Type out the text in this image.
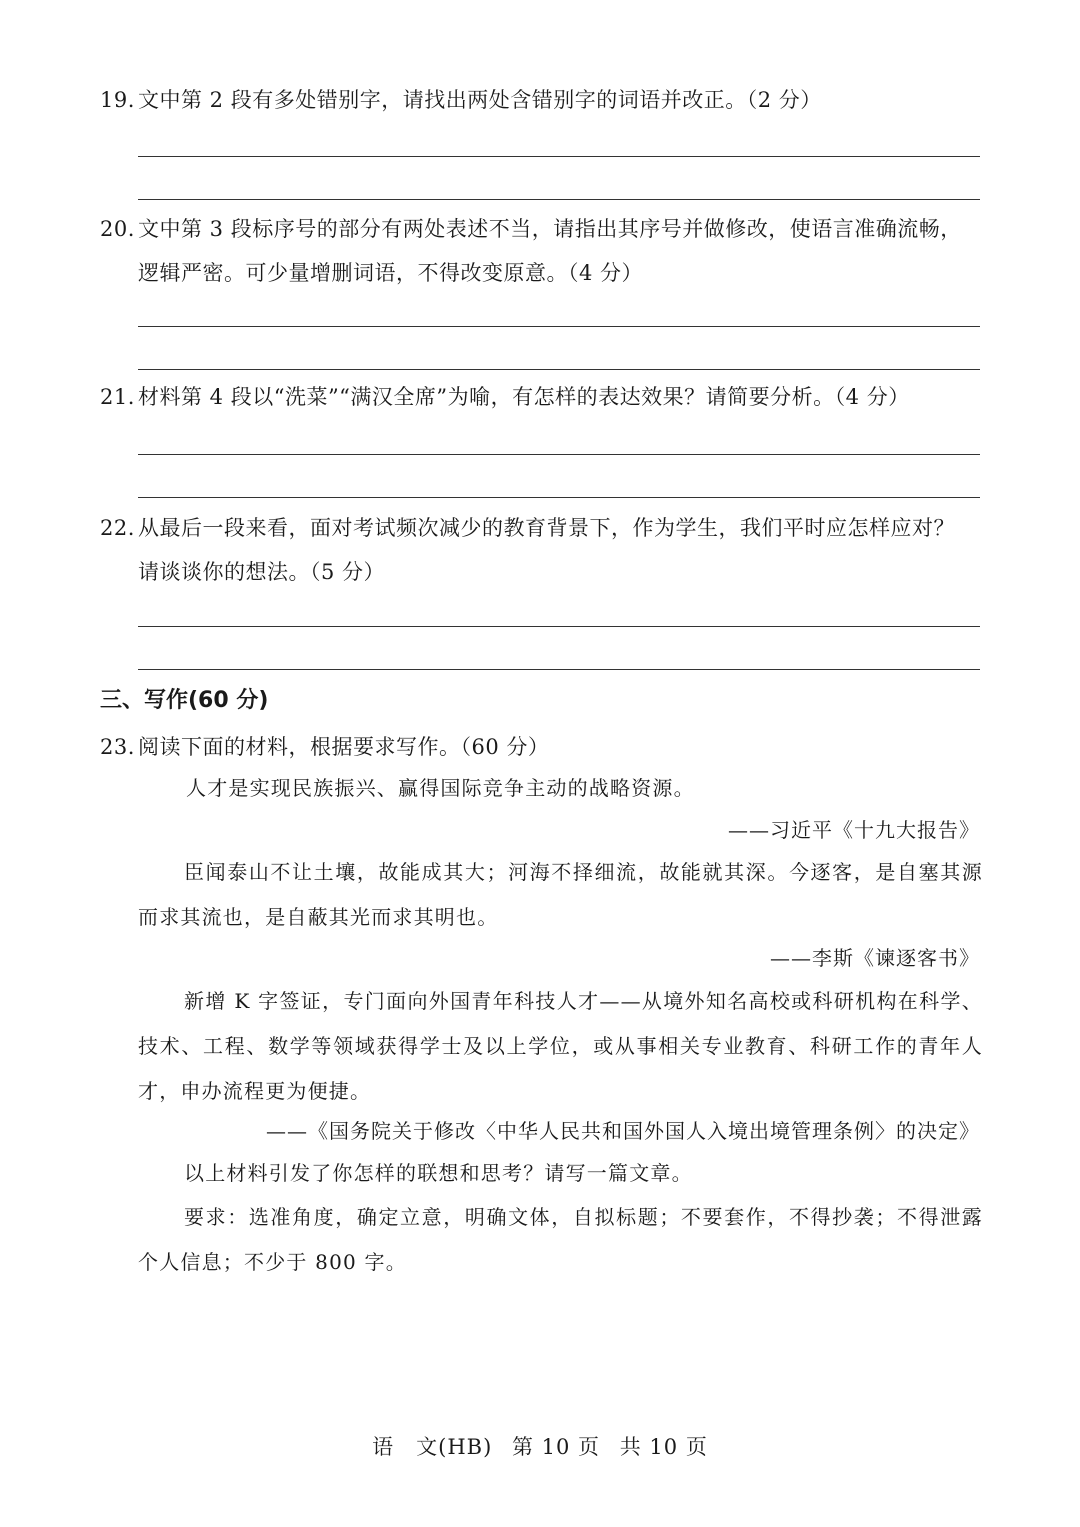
19. 文中第 2 段有多处错别字，请找出两处含错别字的词语并改正。（2 分）
20. 文中第 3 段标序号的部分有两处表述不当，请指出其序号并做修改，使语言准确流畅，
逻辑严密。可少量增删词语，不得改变原意。（4 分）
21. 材料第 4 段以“洗菜”“满汉全席”为喻，有怎样的表达效果？请简要分析。（4 分）
22. 从最后一段来看，面对考试频次减少的教育背景下，作为学生，我们平时应怎样应对？
请谈谈你的想法。（5 分）
三、写作(60 分)
23. 阅读下面的材料，根据要求写作。（60 分）
人才是实现民族振兴、赢得国际竞争主动的战略资源。
——习近平《十九大报告》
臣闻泰山不让土壤，故能成其大；河海不择细流，故能就其深。今逐客，是自塞其源而求其流也，是自蔽其光而求其明也。
——李斯《谏逐客书》
新增 K 字签证，专门面向外国青年科技人才——从境外知名高校或科研机构在科学、技术、工程、数学等领域获得学士及以上学位，或从事相关专业教育、科研工作的青年人才，申办流程更为便捷。
——《国务院关于修改〈中华人民共和国外国人入境出境管理条例〉的决定》
以上材料引发了你怎样的联想和思考？请写一篇文章。
要求：选准角度，确定立意，明确文体，自拟标题；不要套作，不得抄袭；不得泄露个人信息；不少于 800 字。
语　文(HB) 第 10 页 共 10 页
